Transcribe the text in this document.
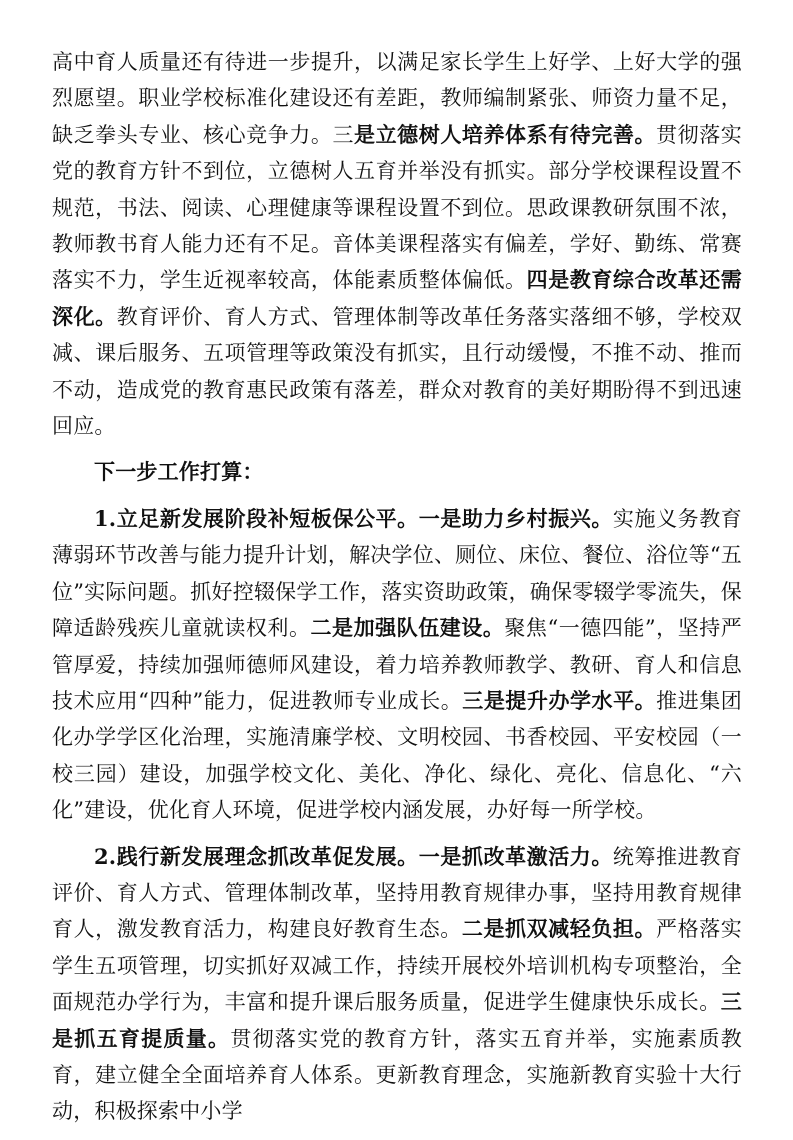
高中育人质量还有待进一步提升，以满足家长学生上好学、上好大学的强烈愿望。职业学校标准化建设还有差距，教师编制紧张、师资力量不足，缺乏拳头专业、核心竞争力。三是立德树人培养体系有待完善。贯彻落实党的教育方针不到位，立德树人五育并举没有抓实。部分学校课程设置不规范，书法、阅读、心理健康等课程设置不到位。思政课教研氛围不浓，教师教书育人能力还有不足。音体美课程落实有偏差，学好、勤练、常赛落实不力，学生近视率较高，体能素质整体偏低。四是教育综合改革还需深化。教育评价、育人方式、管理体制等改革任务落实落细不够，学校双减、课后服务、五项管理等政策没有抓实，且行动缓慢，不推不动、推而不动，造成党的教育惠民政策有落差，群众对教育的美好期盼得不到迅速回应。

下一步工作打算：

1.立足新发展阶段补短板保公平。一是助力乡村振兴。实施义务教育薄弱环节改善与能力提升计划，解决学位、厕位、床位、餐位、浴位等“五位”实际问题。抓好控辍保学工作，落实资助政策，确保零辍学零流失，保障适龄残疾儿童就读权利。二是加强队伍建设。聚焦“一德四能”，坚持严管厚爱，持续加强师德师风建设，着力培养教师教学、教研、育人和信息技术应用“四种”能力，促进教师专业成长。三是提升办学水平。推进集团化办学学区化治理，实施清廉学校、文明校园、书香校园、平安校园（一校三园）建设，加强学校文化、美化、净化、绿化、亮化、信息化、“六化”建设，优化育人环境，促进学校内涵发展，办好每一所学校。

2.践行新发展理念抓改革促发展。一是抓改革激活力。统筹推进教育评价、育人方式、管理体制改革，坚持用教育规律办事，坚持用教育规律育人，激发教育活力，构建良好教育生态。二是抓双减轻负担。严格落实学生五项管理，切实抓好双减工作，持续开展校外培训机构专项整治，全面规范办学行为，丰富和提升课后服务质量，促进学生健康快乐成长。三是抓五育提质量。贯彻落实党的教育方针，落实五育并举，实施素质教育，建立健全全面培养育人体系。更新教育理念，实施新教育实验十大行动，积极探索中小学
